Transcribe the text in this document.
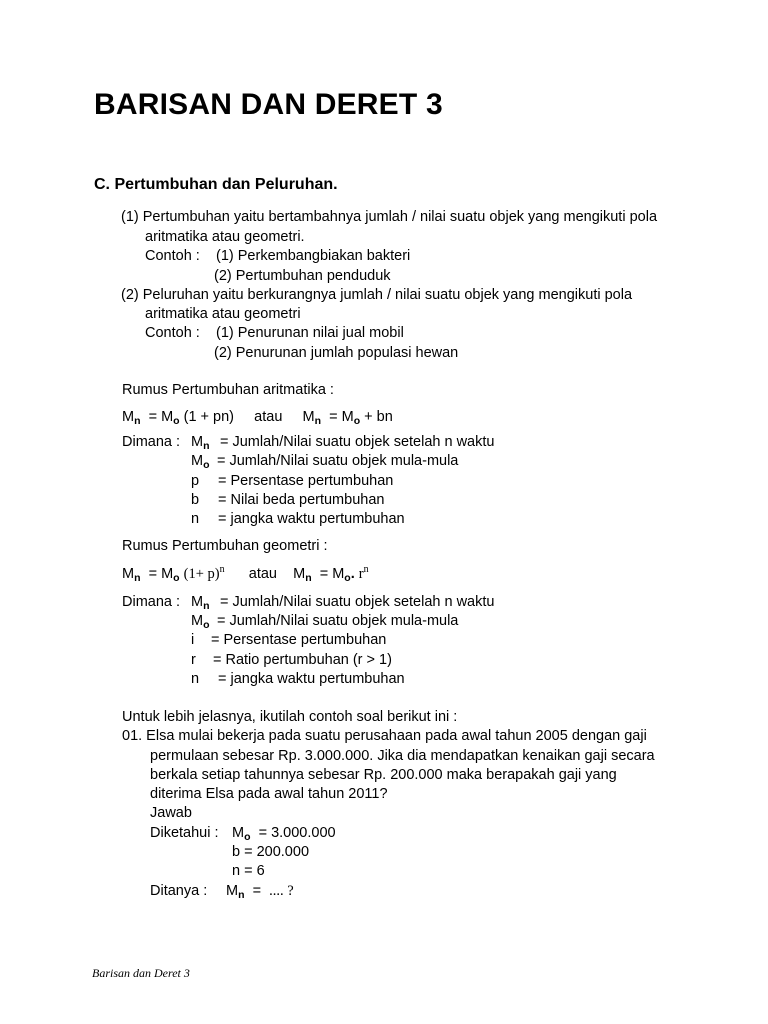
BARISAN DAN DERET 3
C. Pertumbuhan dan Peluruhan.
(1) Pertumbuhan yaitu bertambahnya jumlah / nilai suatu objek yang mengikuti pola
aritmatika atau geometri.
Contoh : (1) Perkembangbiakan bakteri
(2) Pertumbuhan penduduk
(2) Peluruhan yaitu berkurangnya jumlah / nilai suatu objek yang mengikuti pola
aritmatika atau geometri
Contoh : (1) Penurunan nilai jual mobil
(2) Penurunan jumlah populasi hewan
Rumus Pertumbuhan aritmatika :
$M_n = M_o$ (1 + pn) atau $M_n = M_o$ + bn
Dimana : $M_n$ = Jumlah/Nilai suatu objek setelah n waktu
$M_o$ = Jumlah/Nilai suatu objek mula-mula
p = Persentase pertumbuhan
b = Nilai beda pertumbuhan
n = jangka waktu pertumbuhan
Rumus Pertumbuhan geometri :
$M_n = M_o$ $(1+ p)^n$ atau $M_n = M_o$. $r^n$
Dimana : $M_n$ = Jumlah/Nilai suatu objek setelah n waktu
$M_o$ = Jumlah/Nilai suatu objek mula-mula
i = Persentase pertumbuhan
r = Ratio pertumbuhan (r > 1)
n = jangka waktu pertumbuhan
Untuk lebih jelasnya, ikutilah contoh soal berikut ini :
01. Elsa mulai bekerja pada suatu perusahaan pada awal tahun 2005 dengan gaji
permulaan sebesar Rp. 3.000.000. Jika dia mendapatkan kenaikan gaji secara
berkala setiap tahunnya sebesar Rp. 200.000 maka berapakah gaji yang
diterima Elsa pada awal tahun 2011?
Jawab
Diketahui : $M_o = 3.000.000$
b = 200.000
n = 6
Ditanya : $M_n$ =  .... ?
Barisan dan Deret 3
